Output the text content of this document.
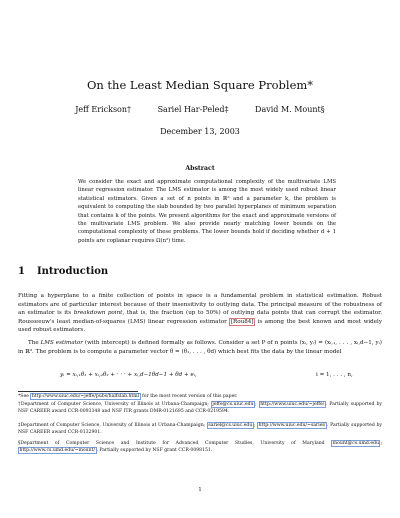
On the Least Median Square Problem*
Jeff Erickson†	Sariel Har-Peled‡	David M. Mount§
December 13, 2003
Abstract
We consider the exact and approximate computational complexity of the multivariate LMS linear regression estimator. The LMS estimator is among the most widely used robust linear statistical estimators. Given a set of n points in ℝᵈ and a parameter k, the problem is equivalent to computing the slab bounded by two parallel hyperplanes of minimum separation that contains k of the points. We present algorithms for the exact and approximate versions of the multivariate LMS problem. We also provide nearly matching lower bounds on the computational complexity of these problems. The lower bounds hold if deciding whether d + 1 points are coplanar requires Ω(nᵈ) time.
1 Introduction
Fitting a hyperplane to a finite collection of points in space is a fundamental problem in statistical estimation. Robust estimators are of particular interest because of their insensitivity to outlying data. The principal measure of the robustness of an estimator is its breakdown point, that is, the fraction (up to 50%) of outlying data points that can corrupt the estimator. Rousseeuw's least median-of-squares (LMS) linear regression estimator [Rou84] is among the best known and most widely used robust estimators.
The LMS estimator (with intercept) is defined formally as follows. Consider a set P of n points (xᵢ, yᵢ) = (xᵢ,₁, . . . , xᵢ,d−1, yᵢ) in ℝᵈ. The problem is to compute a parameter vector θ = (θ₁, . . . , θd) which best fits the data by the linear model
yᵢ = xᵢ,₁θ₁ + xᵢ,₂θ₂ + · · · + xᵢ,d−1θd−1 + θd + eᵢ,	i = 1, . . . , n,
*See http://www.uiuc.edu/~jeffe/pubs/halfslab.html for the most recent version of this paper.
†Department of Computer Science, University of Illinois at Urbana-Champaign; jeffe@cs.uiuc.edu ; http://www.uiuc.edu/~jeffe/ . Partially supported by NSF CAREER award CCR-0093348 and NSF ITR grants DMR-0121695 and CCR-0219594.
‡Department of Computer Science, University of Illinois at Urbana-Champaign; sariel@cs.uiuc.edu ; http://www.uiuc.edu/~sariel/ . Partially supported by NSF CAREER award CCR-0132901.
§Department of Computer Science and Institute for Advanced Computer Studies, University of Maryland mount@cs.umd.edu ; http://www.cs.umd.edu/~mount/ . Partially supported by NSF grant CCR-0098151.
1
